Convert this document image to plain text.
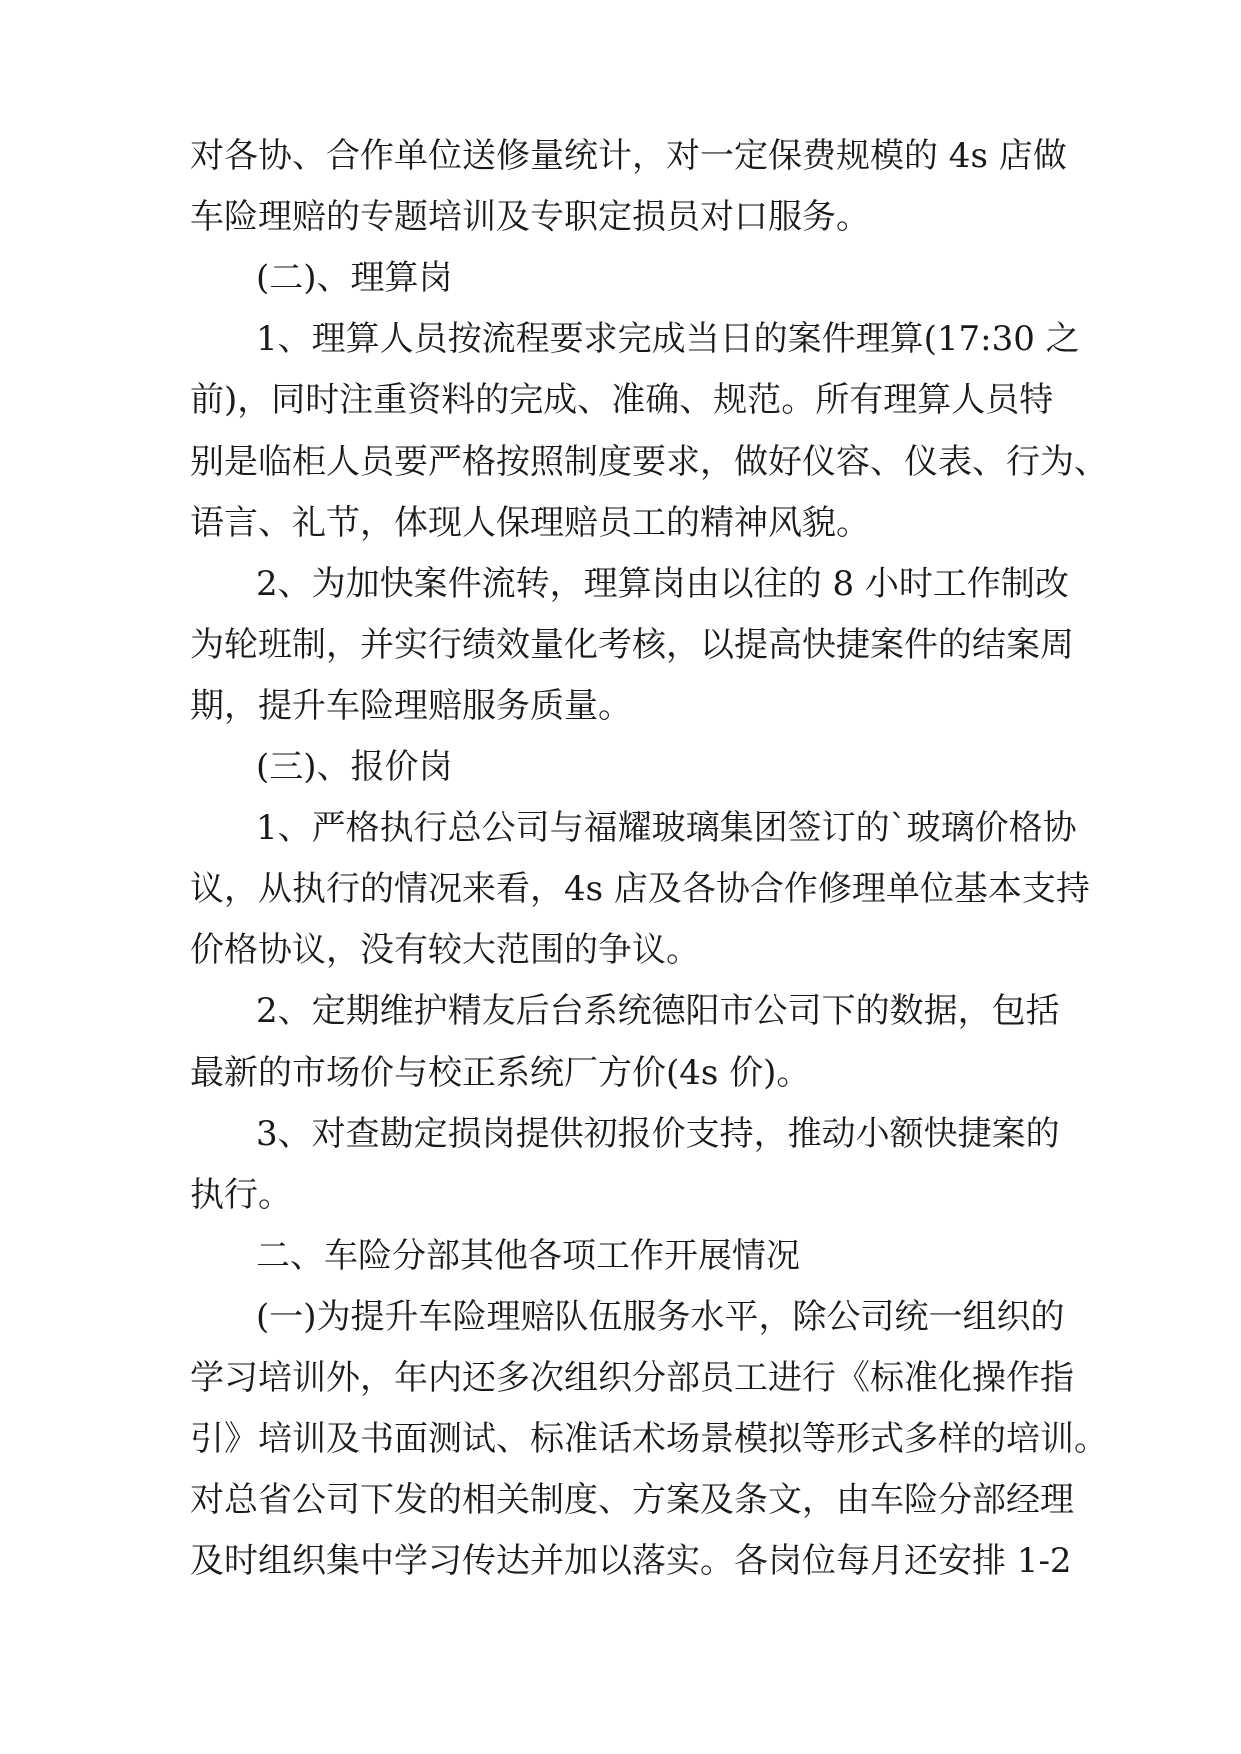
对各协、合作单位送修量统计，对一定保费规模的 4s 店做
车险理赔的专题培训及专职定损员对口服务。
(二)、理算岗
1、理算人员按流程要求完成当日的案件理算(17:30 之
前)，同时注重资料的完成、准确、规范。所有理算人员特
别是临柜人员要严格按照制度要求，做好仪容、仪表、行为、
语言、礼节，体现人保理赔员工的精神风貌。
2、为加快案件流转，理算岗由以往的 8 小时工作制改
为轮班制，并实行绩效量化考核，以提高快捷案件的结案周
期，提升车险理赔服务质量。
(三)、报价岗
1、严格执行总公司与福耀玻璃集团签订的`玻璃价格协
议，从执行的情况来看，4s 店及各协合作修理单位基本支持
价格协议，没有较大范围的争议。
2、定期维护精友后台系统德阳市公司下的数据，包括
最新的市场价与校正系统厂方价(4s 价)。
3、对查勘定损岗提供初报价支持，推动小额快捷案的
执行。
二、车险分部其他各项工作开展情况
(一)为提升车险理赔队伍服务水平，除公司统一组织的
学习培训外，年内还多次组织分部员工进行《标准化操作指
引》培训及书面测试、标准话术场景模拟等形式多样的培训。
对总省公司下发的相关制度、方案及条文，由车险分部经理
及时组织集中学习传达并加以落实。各岗位每月还安排 1-2
